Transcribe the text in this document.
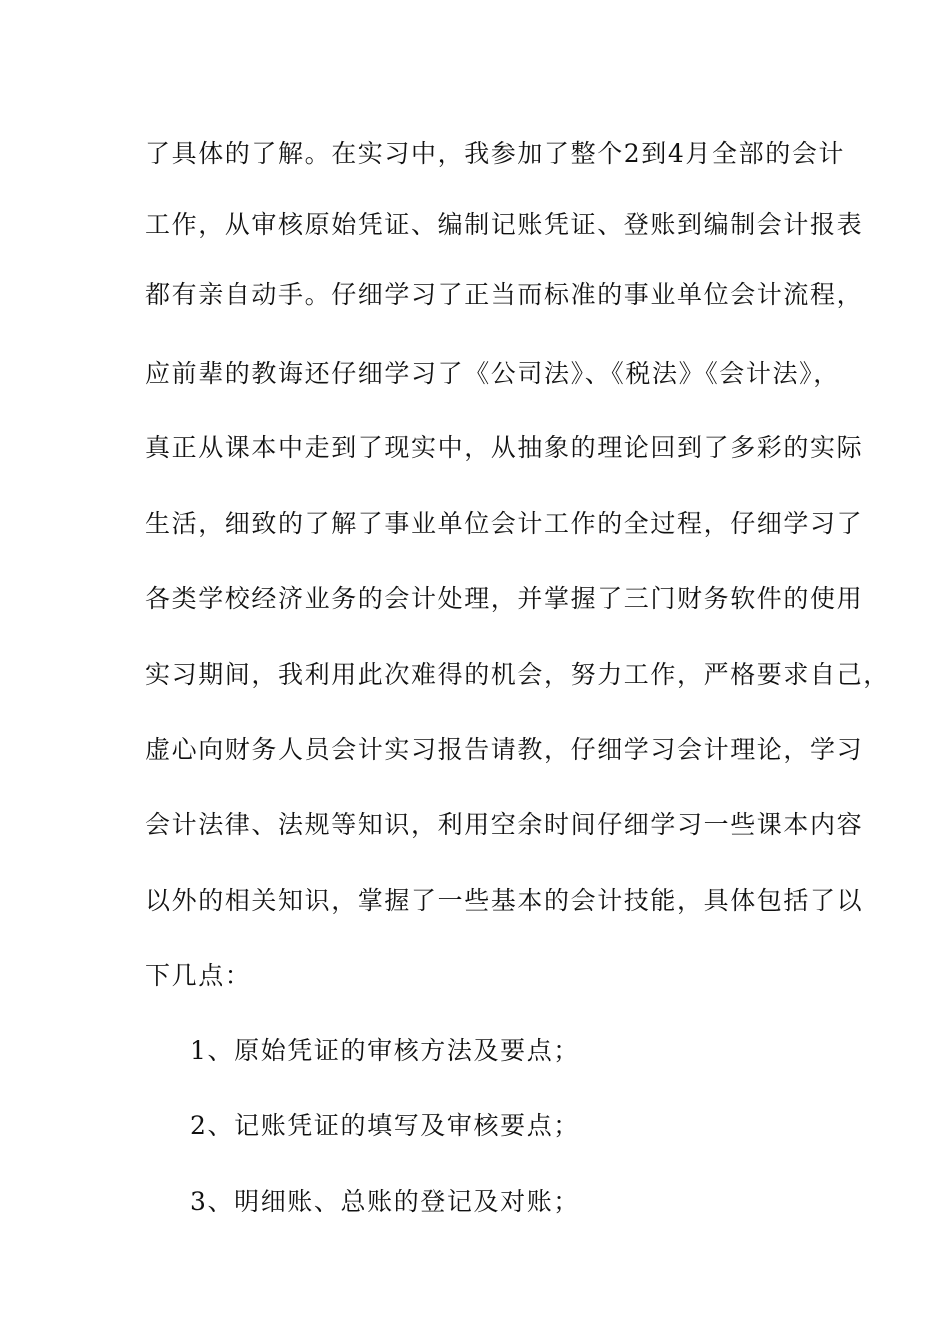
了具体的了解。在实习中，我参加了整个2到4月全部的会计
工作，从审核原始凭证、编制记账凭证、登账到编制会计报表
都有亲自动手。仔细学习了正当而标准的事业单位会计流程，
应前辈的教诲还仔细学习了《公司法》、《税法》《会计法》，
真正从课本中走到了现实中，从抽象的理论回到了多彩的实际
生活，细致的了解了事业单位会计工作的全过程，仔细学习了
各类学校经济业务的会计处理，并掌握了三门财务软件的使用
实习期间，我利用此次难得的机会，努力工作，严格要求自己，
虚心向财务人员会计实习报告请教，仔细学习会计理论，学习
会计法律、法规等知识，利用空余时间仔细学习一些课本内容
以外的相关知识，掌握了一些基本的会计技能，具体包括了以
下几点：
1、原始凭证的审核方法及要点；
2、记账凭证的填写及审核要点；
3、明细账、总账的登记及对账；
